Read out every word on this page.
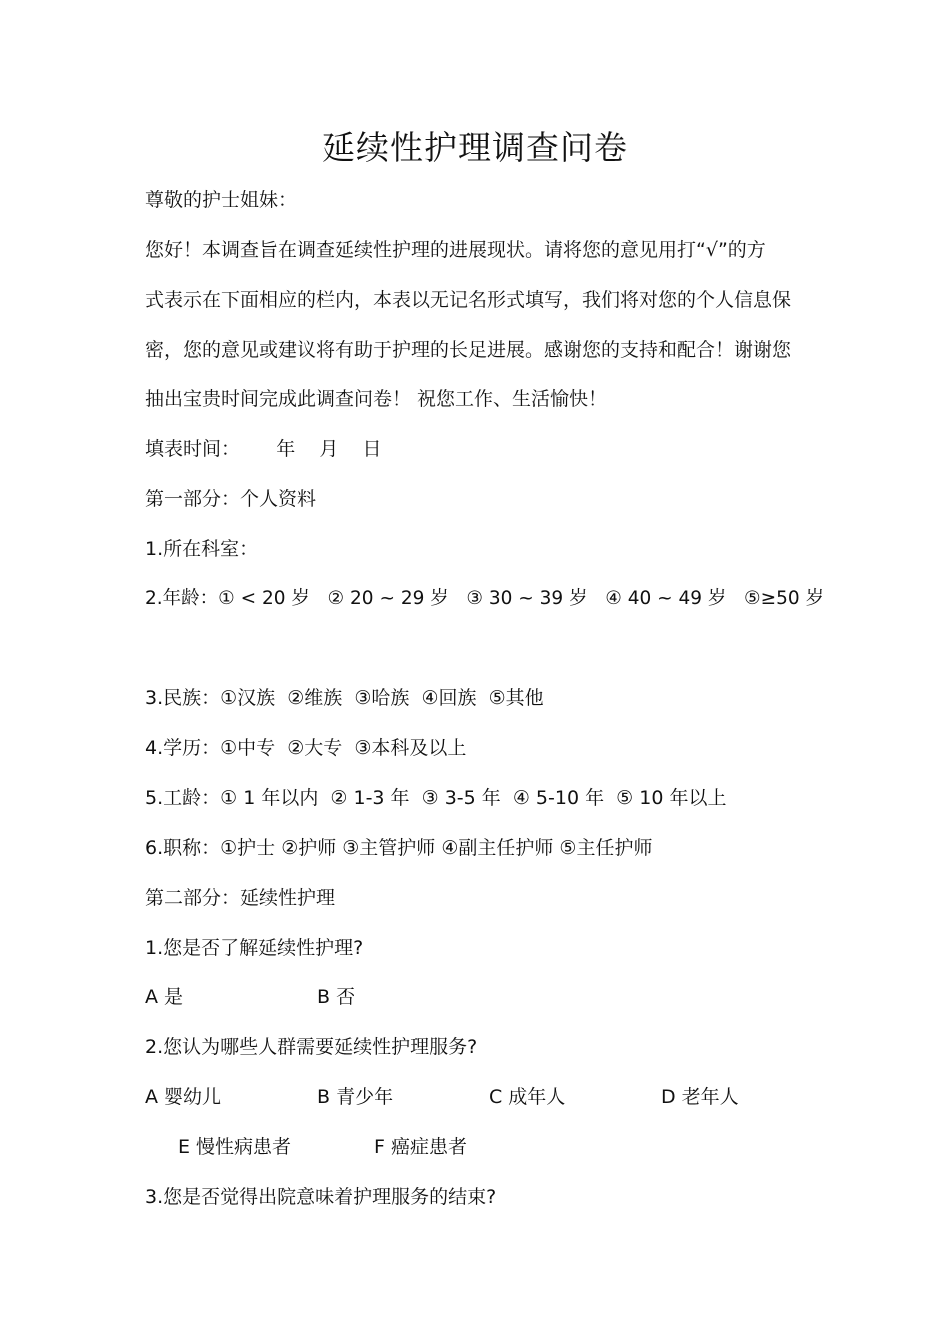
延续性护理调查问卷
尊敬的护士姐妹：
您好！本调查旨在调查延续性护理的进展现状。请将您的意见用打“√”的方
式表示在下面相应的栏内，本表以无记名形式填写，我们将对您的个人信息保
密，您的意见或建议将有助于护理的长足进展。感谢您的支持和配合！谢谢您
抽出宝贵时间完成此调查问卷！ 祝您工作、生活愉快！
填表时间：      年    月    日
第一部分：个人资料
1.所在科室：
2.年龄：① < 20 岁   ② 20 ~ 29 岁   ③ 30 ~ 39 岁   ④ 40 ~ 49 岁   ⑤≥50 岁
3.民族：①汉族  ②维族  ③哈族  ④回族  ⑤其他
4.学历：①中专  ②大专  ③本科及以上
5.工龄：① 1 年以内  ② 1-3 年  ③ 3-5 年  ④ 5-10 年  ⑤ 10 年以上
6.职称：①护士 ②护师 ③主管护师 ④副主任护师 ⑤主任护师
第二部分：延续性护理
1.您是否了解延续性护理?
A 是	B 否
2.您认为哪些人群需要延续性护理服务?
A 婴幼儿	B 青少年	C 成年人	D 老年人
E 慢性病患者	F 癌症患者
3.您是否觉得出院意味着护理服务的结束?
